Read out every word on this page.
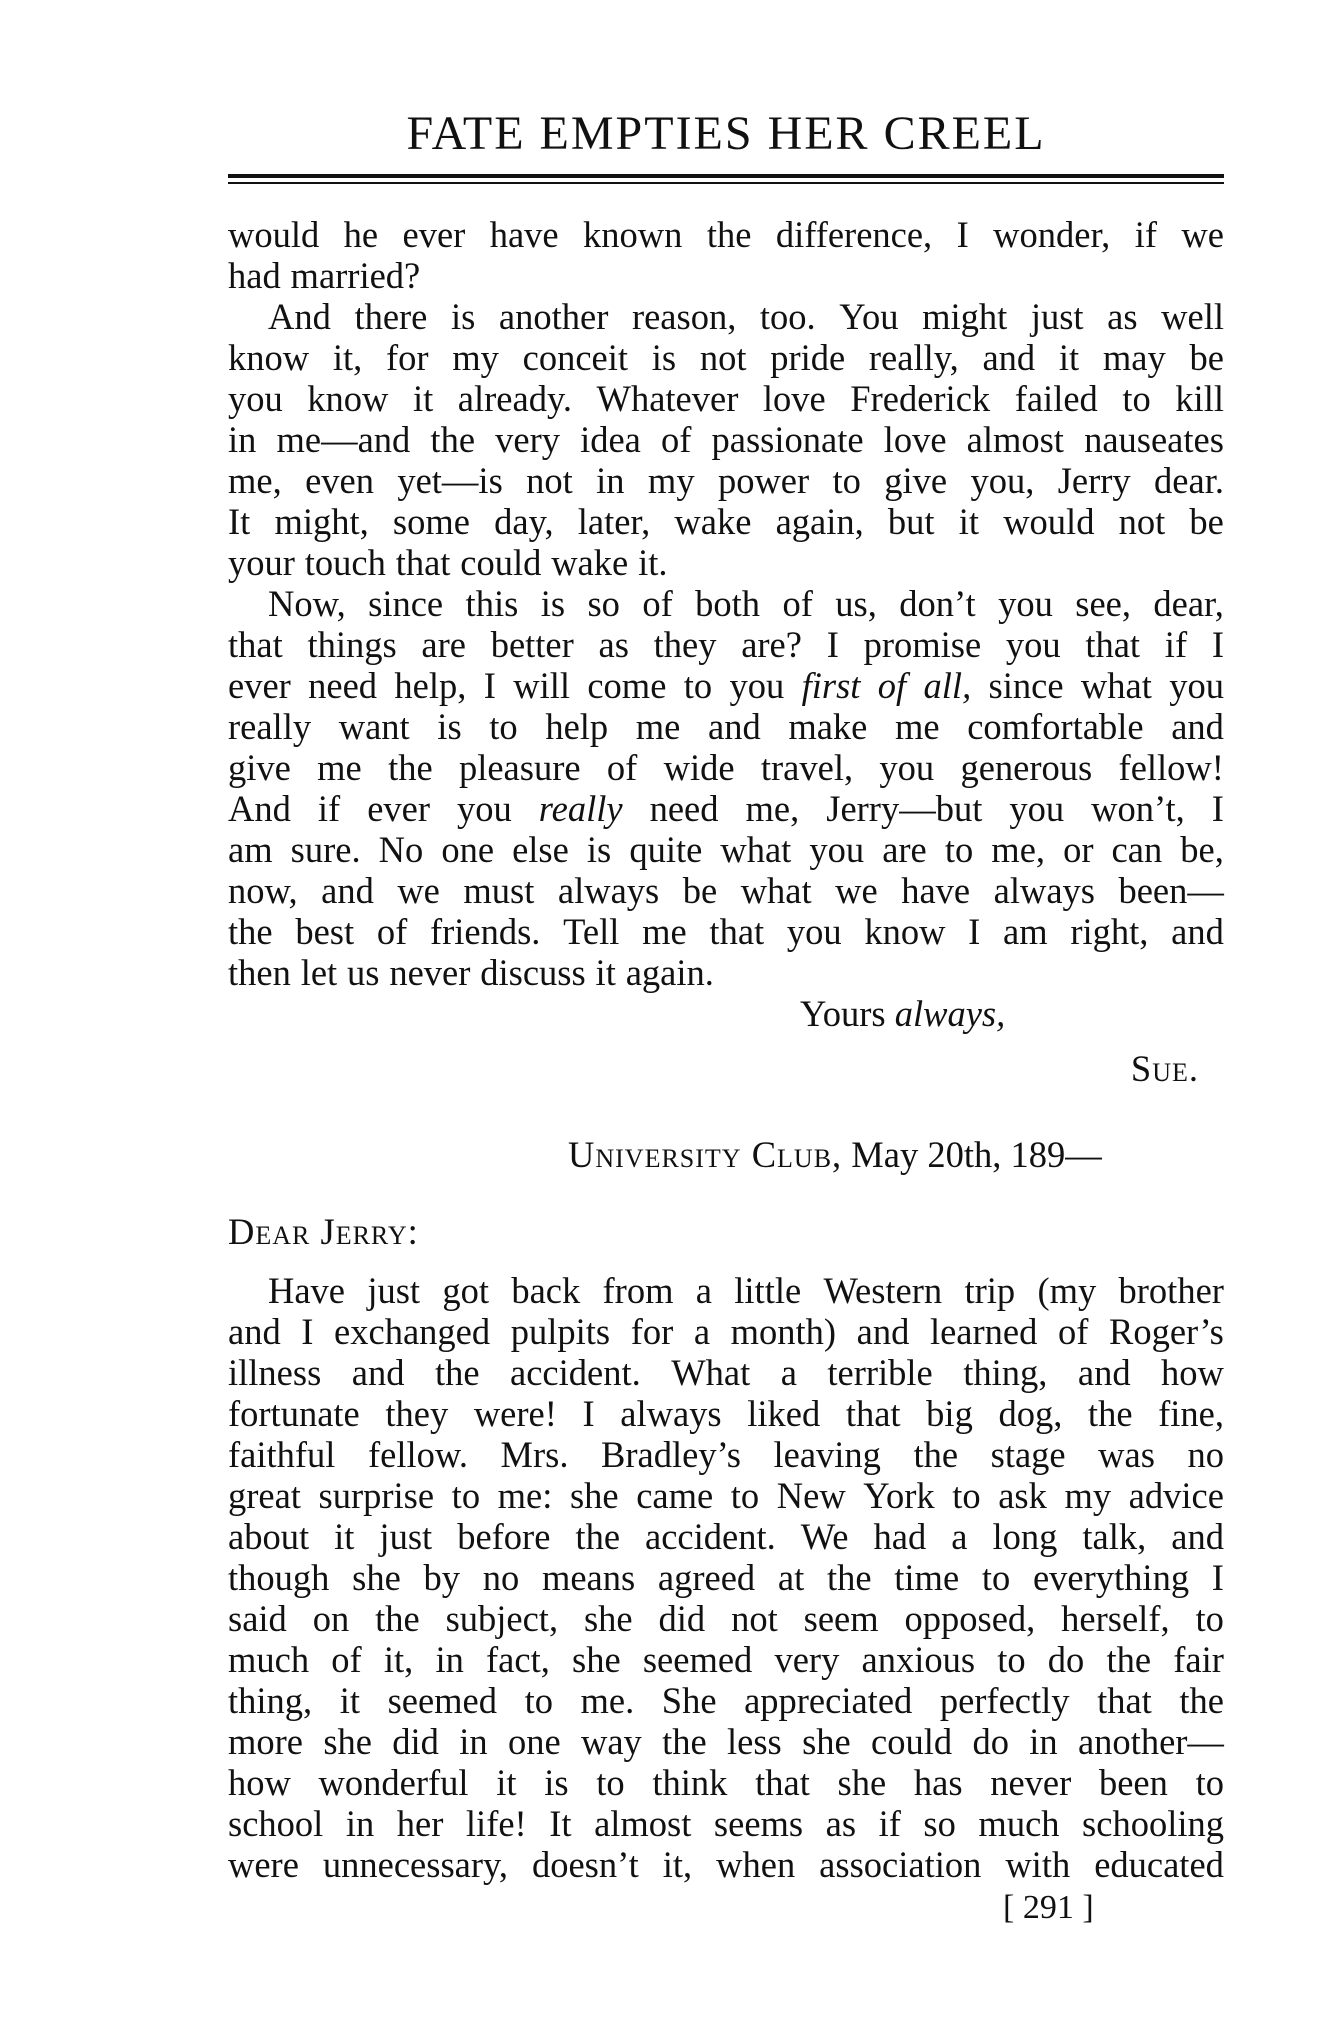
FATE EMPTIES HER CREEL
would he ever have known the difference, I wonder, if we
had married?
And there is another reason, too. You might just as well
know it, for my conceit is not pride really, and it may be
you know it already. Whatever love Frederick failed to kill
in me—and the very idea of passionate love almost nauseates
me, even yet—is not in my power to give you, Jerry dear.
It might, some day, later, wake again, but it would not be
your touch that could wake it.
Now, since this is so of both of us, don’t you see, dear,
that things are better as they are? I promise you that if I
ever need help, I will come to you first of all, since what you
really want is to help me and make me comfortable and
give me the pleasure of wide travel, you generous fellow!
And if ever you really need me, Jerry—but you won’t, I
am sure. No one else is quite what you are to me, or can be,
now, and we must always be what we have always been—
the best of friends. Tell me that you know I am right, and
then let us never discuss it again.
Yours always,
Sue.
University Club, May 20th, 189—
Dear Jerry:
Have just got back from a little Western trip (my brother
and I exchanged pulpits for a month) and learned of Roger’s
illness and the accident. What a terrible thing, and how
fortunate they were! I always liked that big dog, the fine,
faithful fellow. Mrs. Bradley’s leaving the stage was no
great surprise to me: she came to New York to ask my advice
about it just before the accident. We had a long talk, and
though she by no means agreed at the time to everything I
said on the subject, she did not seem opposed, herself, to
much of it, in fact, she seemed very anxious to do the fair
thing, it seemed to me. She appreciated perfectly that the
more she did in one way the less she could do in another—
how wonderful it is to think that she has never been to
school in her life! It almost seems as if so much schooling
were unnecessary, doesn’t it, when association with educated
[ 291 ]
